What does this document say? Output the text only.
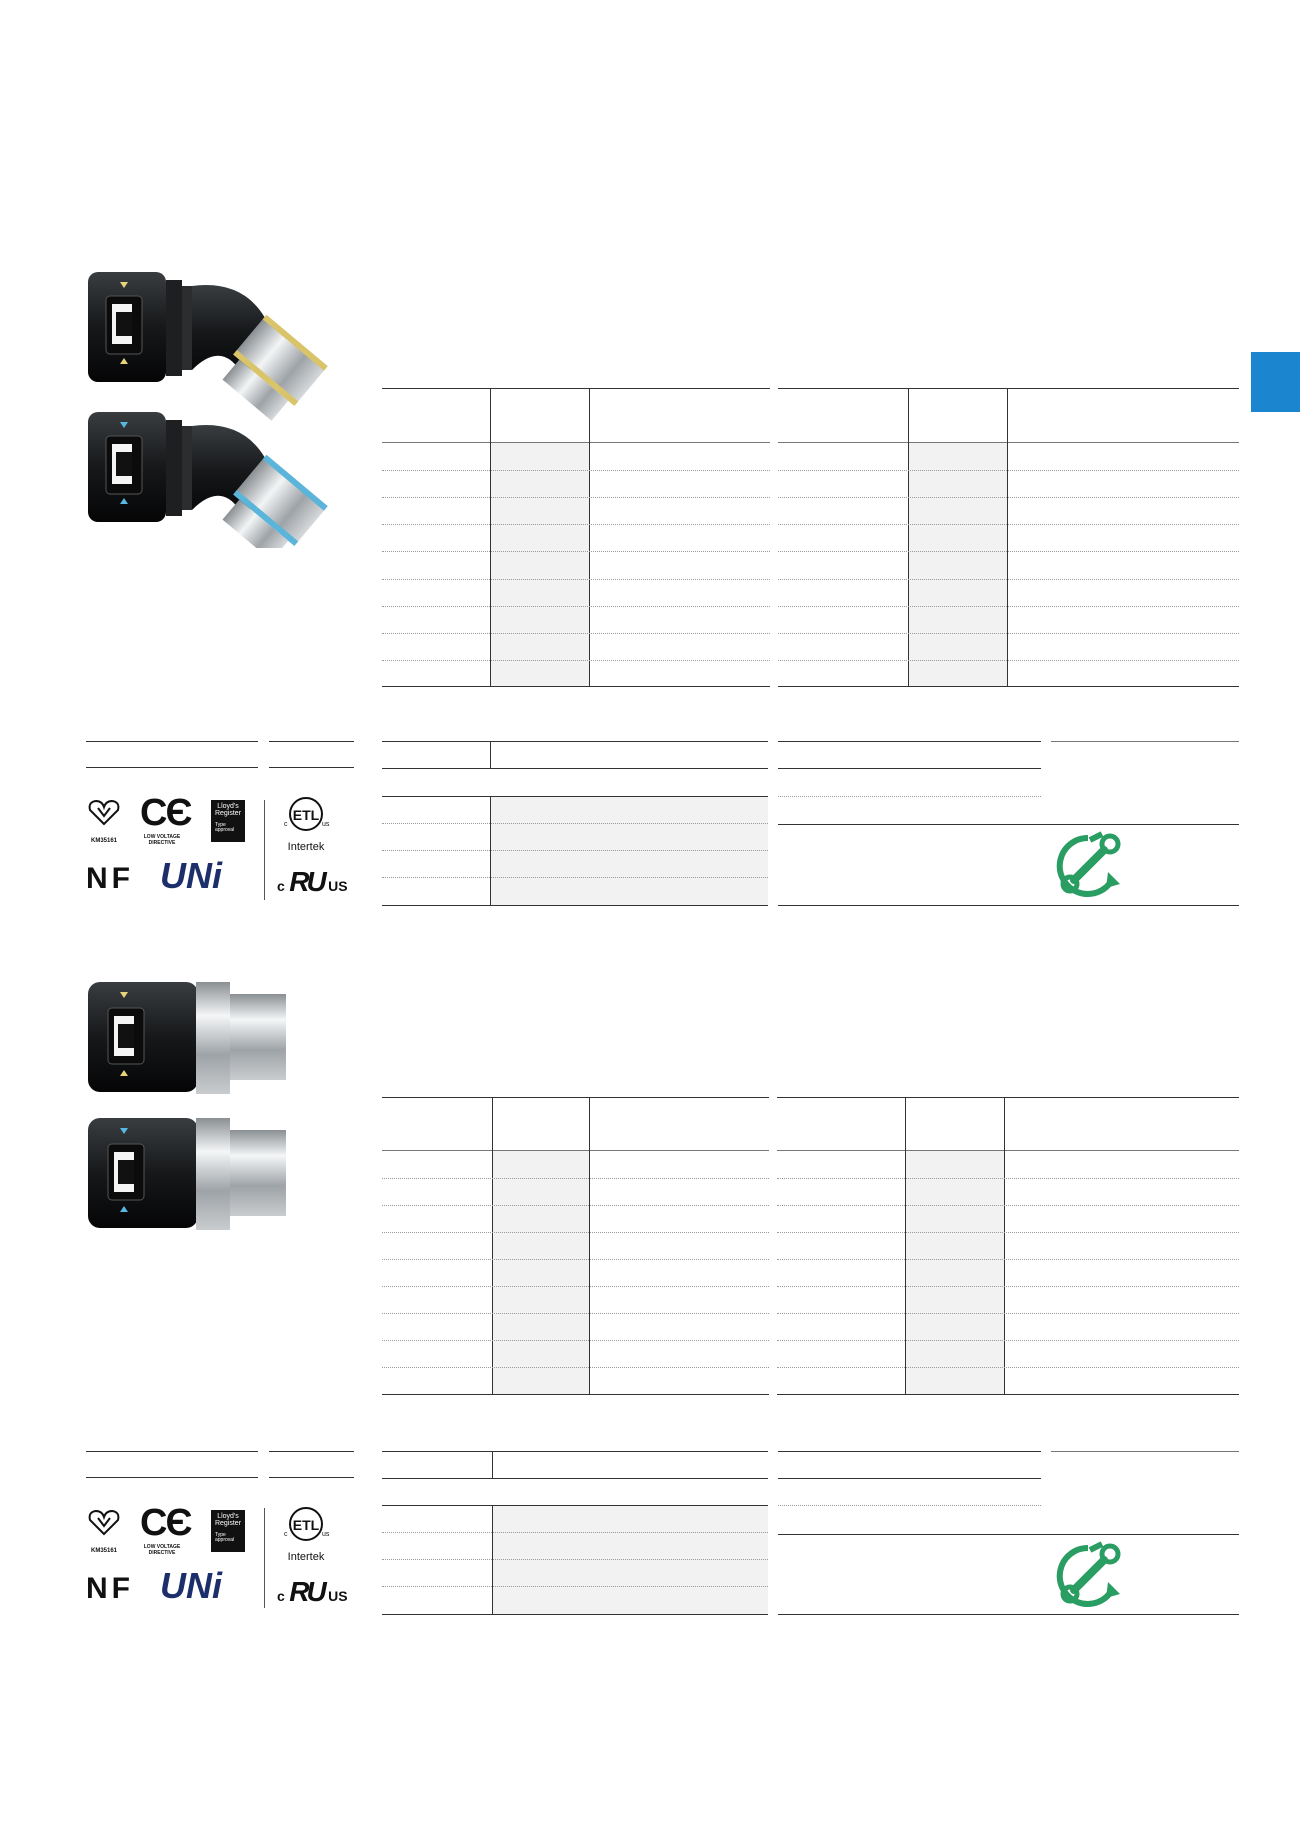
KM35161
CЄ
LOW VOLTAGE DIRECTIVE
Lloyd's
Register
Type
approval
ETL
c	us
Intertek
NF UNi	c RU US
KM35161
CЄ
LOW VOLTAGE DIRECTIVE
Lloyd's
Register
Type
approval
ETL
c	us
Intertek
NF UNi	c RU US
